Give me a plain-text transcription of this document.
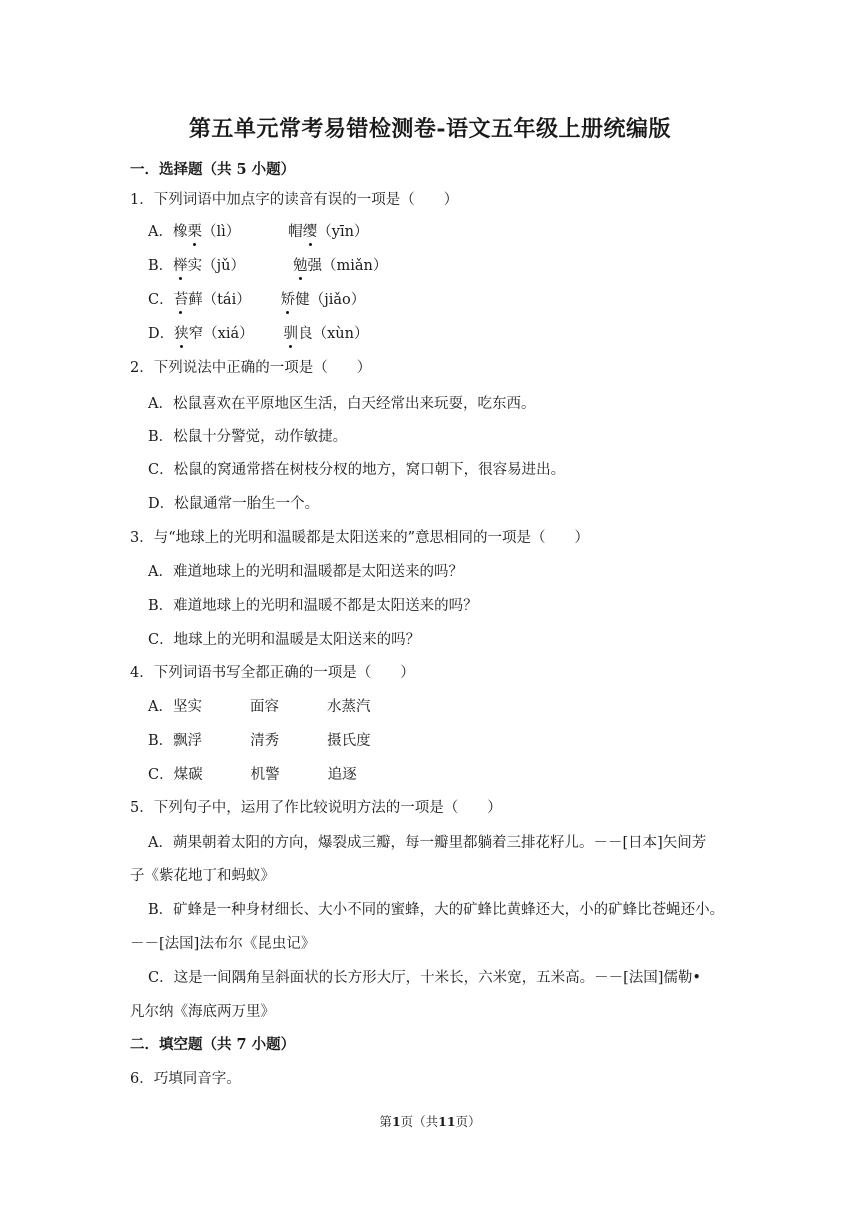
第五单元常考易错检测卷-语文五年级上册统编版
一．选择题（共 5 小题）
1．下列词语中加点字的读音有误的一项是（　　）
A．橡栗（lì）	帽缨（yīn）
B．榉实（jǔ）	勉强（miǎn）
C．苔藓（tái） 矫健（jiǎo）
D．狭窄（xiá） 驯良（xùn）
2．下列说法中正确的一项是（　　）
A．松鼠喜欢在平原地区生活，白天经常出来玩耍，吃东西。
B．松鼠十分警觉，动作敏捷。
C．松鼠的窝通常搭在树枝分杈的地方，窝口朝下，很容易进出。
D．松鼠通常一胎生一个。
3．与“地球上的光明和温暖都是太阳送来的”意思相同的一项是（　　）
A．难道地球上的光明和温暖都是太阳送来的吗？
B．难道地球上的光明和温暖不都是太阳送来的吗？
C．地球上的光明和温暖是太阳送来的吗？
4．下列词语书写全都正确的一项是（　　）
A．坚实	面容	水蒸汽
B．飘浮	清秀	摄氏度
C．煤碳	机警	追逐
5．下列句子中，运用了作比较说明方法的一项是（　　）
A．蒴果朝着太阳的方向，爆裂成三瓣，每一瓣里都躺着三排花籽儿。－－[日本]矢间芳
子《紫花地丁和蚂蚁》
B．矿蜂是一种身材细长、大小不同的蜜蜂，大的矿蜂比黄蜂还大，小的矿蜂比苍蝇还小。
－－[法国]法布尔《昆虫记》
C．这是一间隅角呈斜面状的长方形大厅，十米长，六米宽，五米高。－－[法国]儒勒•
凡尔纳《海底两万里》
二．填空题（共 7 小题）
6．巧填同音字。
第1页（共11页）
